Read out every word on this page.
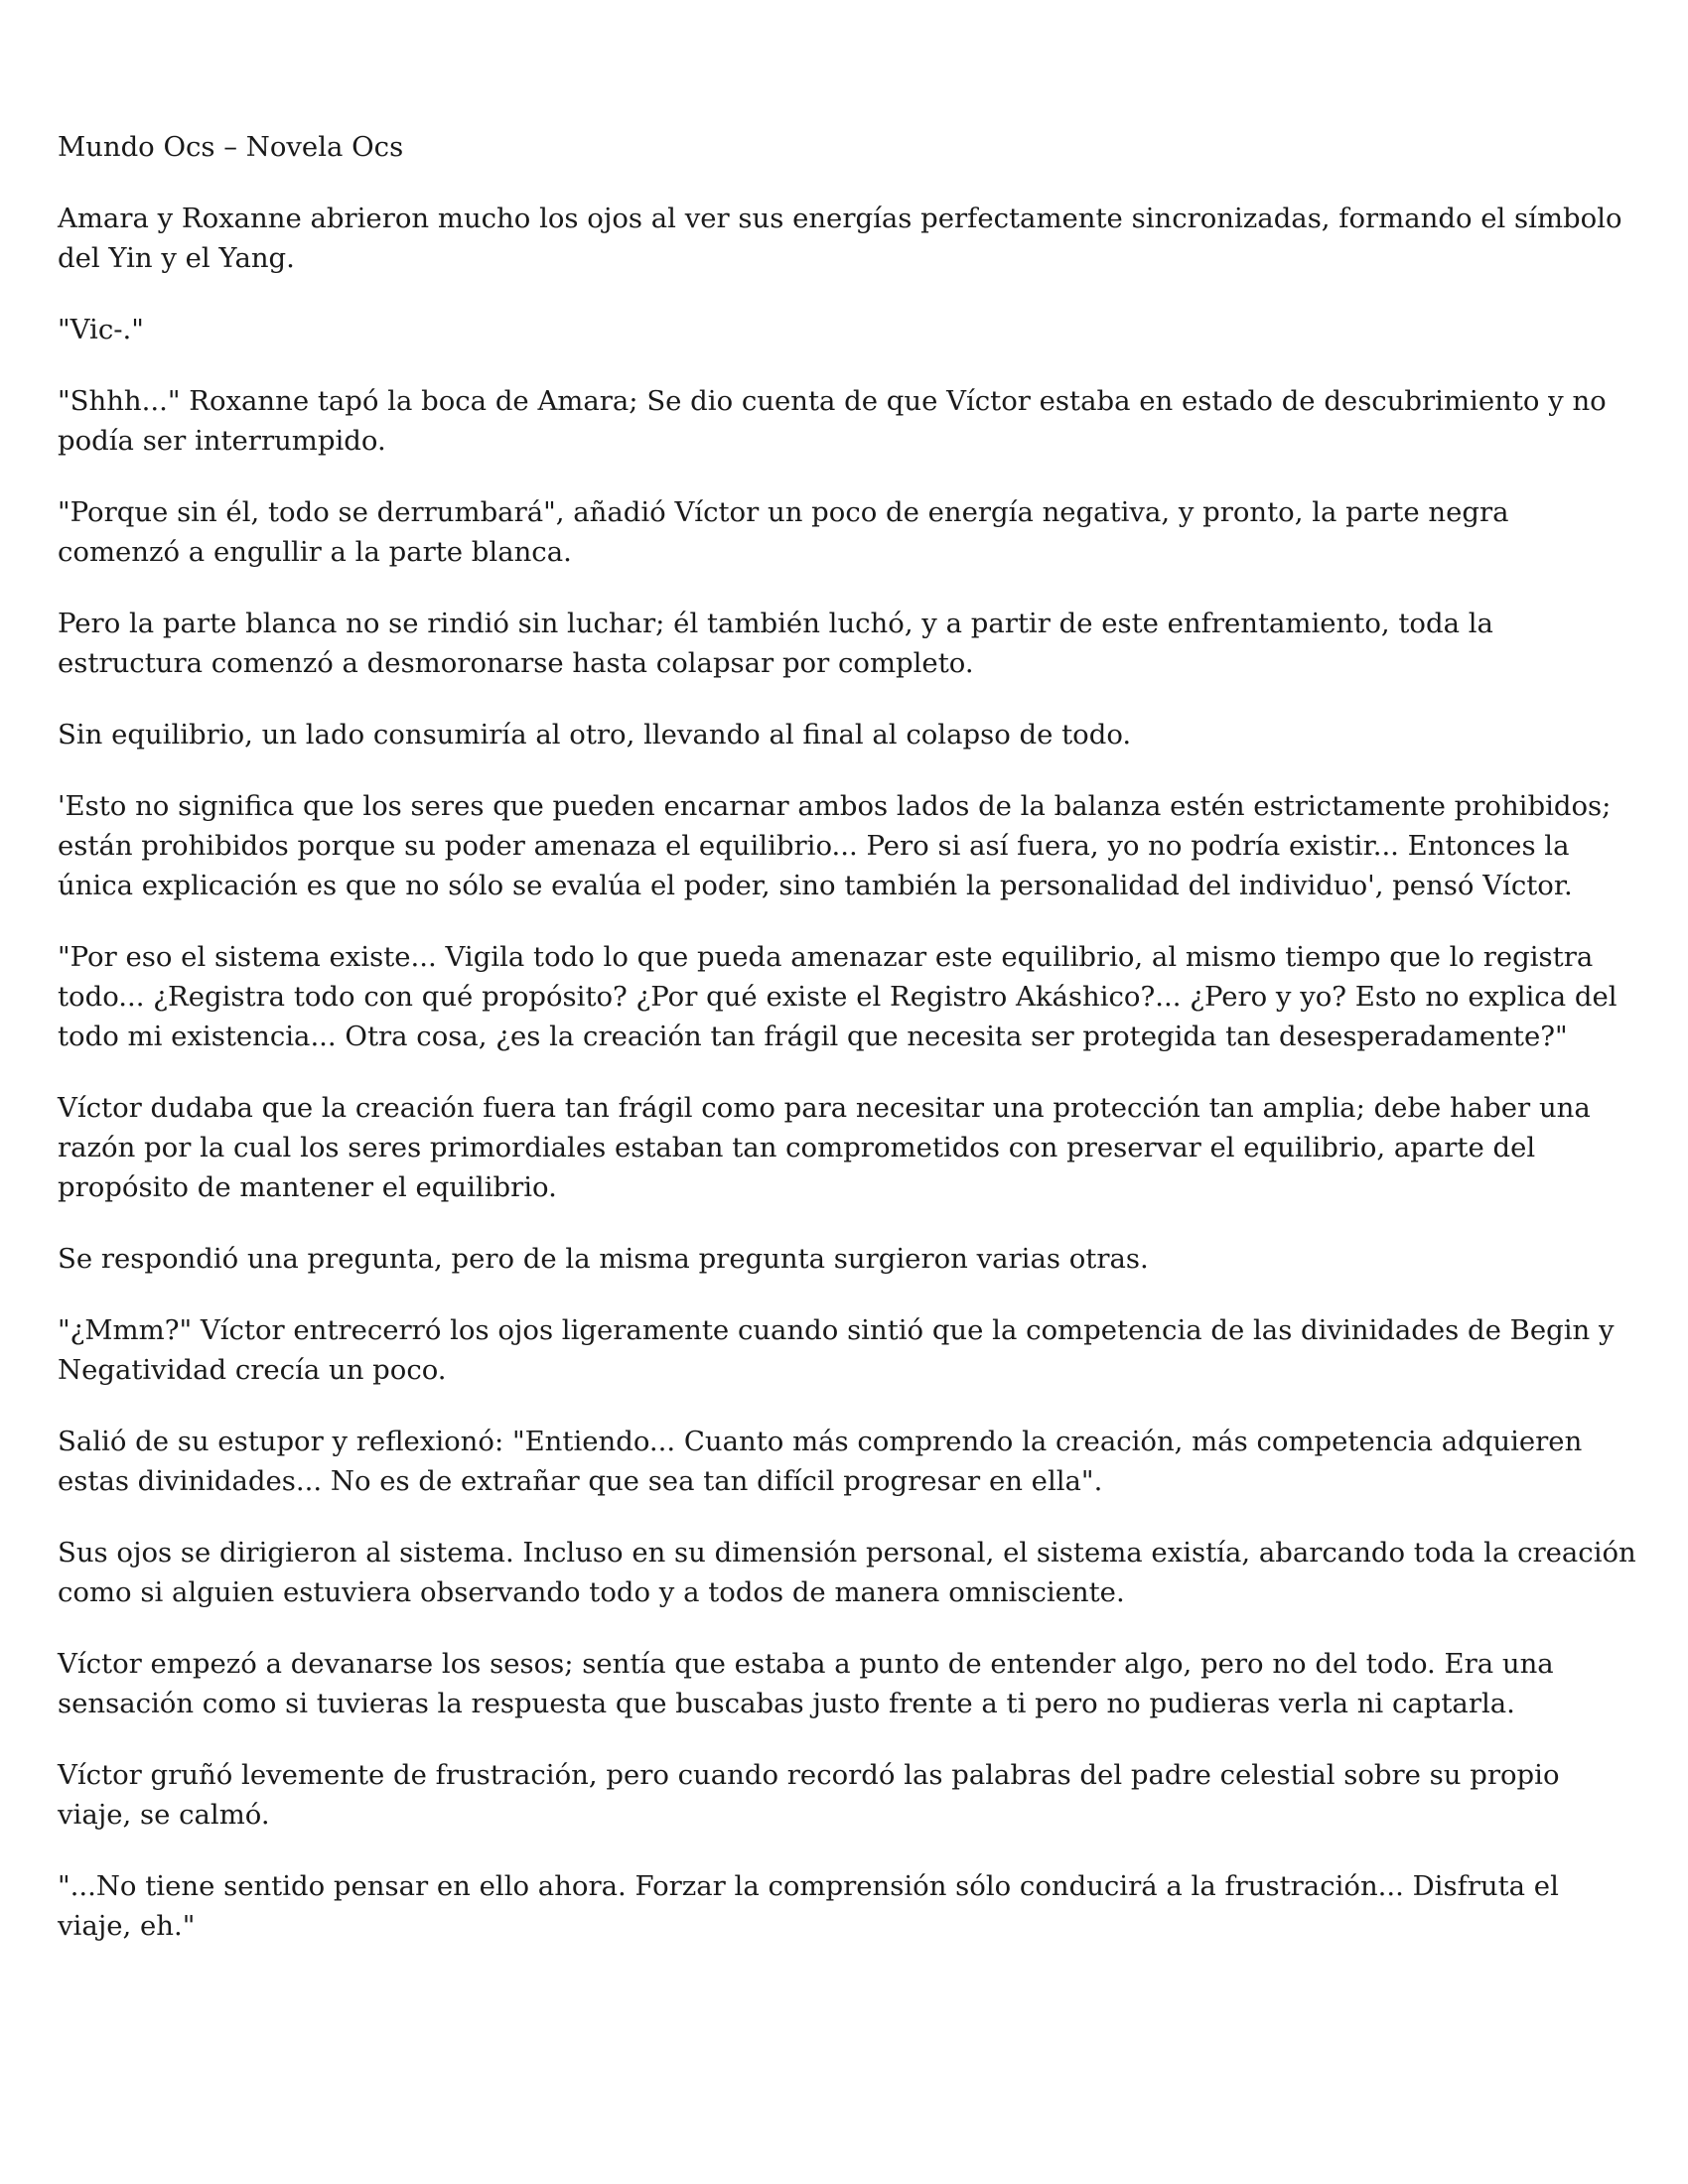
Mundo Ocs – Novela Ocs

Amara y Roxanne abrieron mucho los ojos al ver sus energías perfectamente sincronizadas, formando el símbolo del Yin y el Yang.

"Vic-."

"Shhh..." Roxanne tapó la boca de Amara; Se dio cuenta de que Víctor estaba en estado de descubrimiento y no podía ser interrumpido.

"Porque sin él, todo se derrumbará", añadió Víctor un poco de energía negativa, y pronto, la parte negra comenzó a engullir a la parte blanca.

Pero la parte blanca no se rindió sin luchar; él también luchó, y a partir de este enfrentamiento, toda la estructura comenzó a desmoronarse hasta colapsar por completo.

Sin equilibrio, un lado consumiría al otro, llevando al final al colapso de todo.

'Esto no significa que los seres que pueden encarnar ambos lados de la balanza estén estrictamente prohibidos; están prohibidos porque su poder amenaza el equilibrio... Pero si así fuera, yo no podría existir... Entonces la única explicación es que no sólo se evalúa el poder, sino también la personalidad del individuo', pensó Víctor.

"Por eso el sistema existe... Vigila todo lo que pueda amenazar este equilibrio, al mismo tiempo que lo registra todo... ¿Registra todo con qué propósito? ¿Por qué existe el Registro Akáshico?... ¿Pero y yo? Esto no explica del todo mi existencia... Otra cosa, ¿es la creación tan frágil que necesita ser protegida tan desesperadamente?"

Víctor dudaba que la creación fuera tan frágil como para necesitar una protección tan amplia; debe haber una razón por la cual los seres primordiales estaban tan comprometidos con preservar el equilibrio, aparte del propósito de mantener el equilibrio.

Se respondió una pregunta, pero de la misma pregunta surgieron varias otras.

"¿Mmm?" Víctor entrecerró los ojos ligeramente cuando sintió que la competencia de las divinidades de Begin y Negatividad crecía un poco.

Salió de su estupor y reflexionó: "Entiendo... Cuanto más comprendo la creación, más competencia adquieren estas divinidades... No es de extrañar que sea tan difícil progresar en ella".

Sus ojos se dirigieron al sistema. Incluso en su dimensión personal, el sistema existía, abarcando toda la creación como si alguien estuviera observando todo y a todos de manera omnisciente.

Víctor empezó a devanarse los sesos; sentía que estaba a punto de entender algo, pero no del todo. Era una sensación como si tuvieras la respuesta que buscabas justo frente a ti pero no pudieras verla ni captarla.

Víctor gruñó levemente de frustración, pero cuando recordó las palabras del padre celestial sobre su propio viaje, se calmó.

"...No tiene sentido pensar en ello ahora. Forzar la comprensión sólo conducirá a la frustración... Disfruta el viaje, eh."
